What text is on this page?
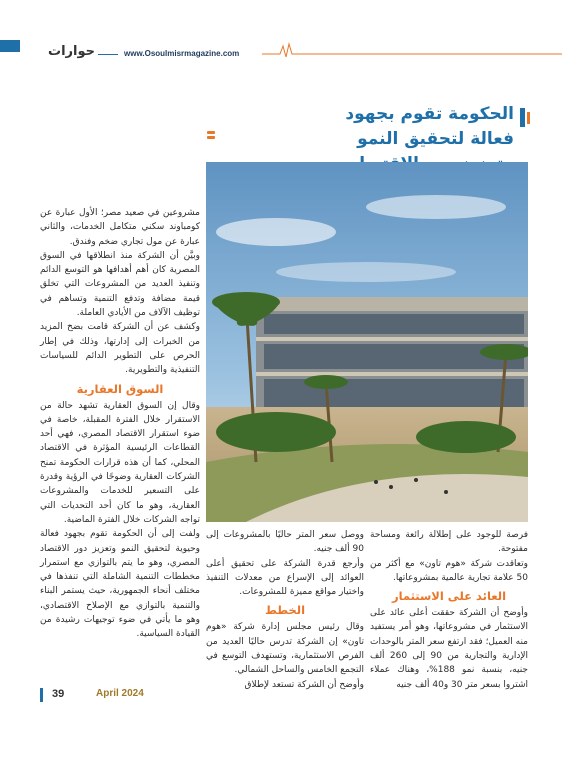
حوارات	www.Osoulmisrmagazine.com
الحكومة تقوم بجهود فعالة لتحقيق النمو

مشروعين في صعيد مصر؛ الأول عبارة عن كومباوند سكني متكامل الخدمات، والثاني عبارة عن مول تجاري ضخم وفندق.

وبيَّن أن الشركة منذ انطلاقها في السوق المصرية كان أهم أهدافها هو التوسع الدائم وتنفيذ العديد من المشروعات التي تخلق قيمة مضافة وتدفع التنمية وتساهم في توظيف الآلاف من الأيادي العاملة.

وكشف عن أن الشركة قامت بضخ المزيد من الخبرات إلى إدارتها، وذلك في إطار الحرص على التطوير الدائم للسياسات التنفيذية والتطويرية.

السوق العقارية

وقال إن السوق العقارية تشهد حالة من الاستقرار خلال الفترة المقبلة، خاصة في ضوء استقرار الاقتصاد المصري، فهي أحد القطاعات الرئيسية المؤثرة في الاقتصاد المحلي، كما أن هذه قرارات الحكومة تمنح الشركات العقارية وضوحًا في الرؤية وقدرة على التسعير للخدمات والمشروعات العقارية، وهو ما كان أحد التحديات التي تواجه الشركات خلال الفترة الماضية.

ولفت إلى أن الحكومة تقوم بجهود فعالة وحيوية لتحقيق النمو وتعزيز دور الاقتصاد المصري، وهو ما يتم بالتوازي مع استمرار مخططات التنمية الشاملة التي تنفذها في مختلف أنحاء الجمهورية، حيث يستمر البناء والتنمية بالتوازي مع الإصلاح الاقتصادي، وهو ما يأتي في ضوء توجيهات رشيدة من القيادة السياسية.

ووصل سعر المتر حاليًا بالمشروعات إلى 90 ألف جنيه.

وأرجع قدرة الشركة على تحقيق أعلى العوائد إلى الإسراع من معدلات التنفيذ واختيار مواقع مميزة للمشروعات.

الخطط

وقال رئيس مجلس إدارة شركة «هوم تاون» إن الشركة تدرس حاليًا العديد من الفرص الاستثمارية، وتستهدف التوسع في التجمع الخامس والساحل الشمالي.

وأوضح أن الشركة تستعد لإطلاق

فرصة للوجود على إطلالة رائعة ومساحة مفتوحة.

وتعاقدت شركة «هوم تاون» مع أكثر من 50 علامة تجارية عالمية بمشروعاتها.

العائد على الاستثمار

وأوضح أن الشركة حققت أعلى عائد على الاستثمار في مشروعاتها، وهو أمر يستفيد منه العميل؛ فقد ارتفع سعر المتر بالوحدات الإدارية والتجارية من 90 إلى 260 ألف جنيه، بنسبة نمو 188%، وهناك عملاء اشتروا بسعر متر 30 و40 ألف جنيه

39	April 2024
